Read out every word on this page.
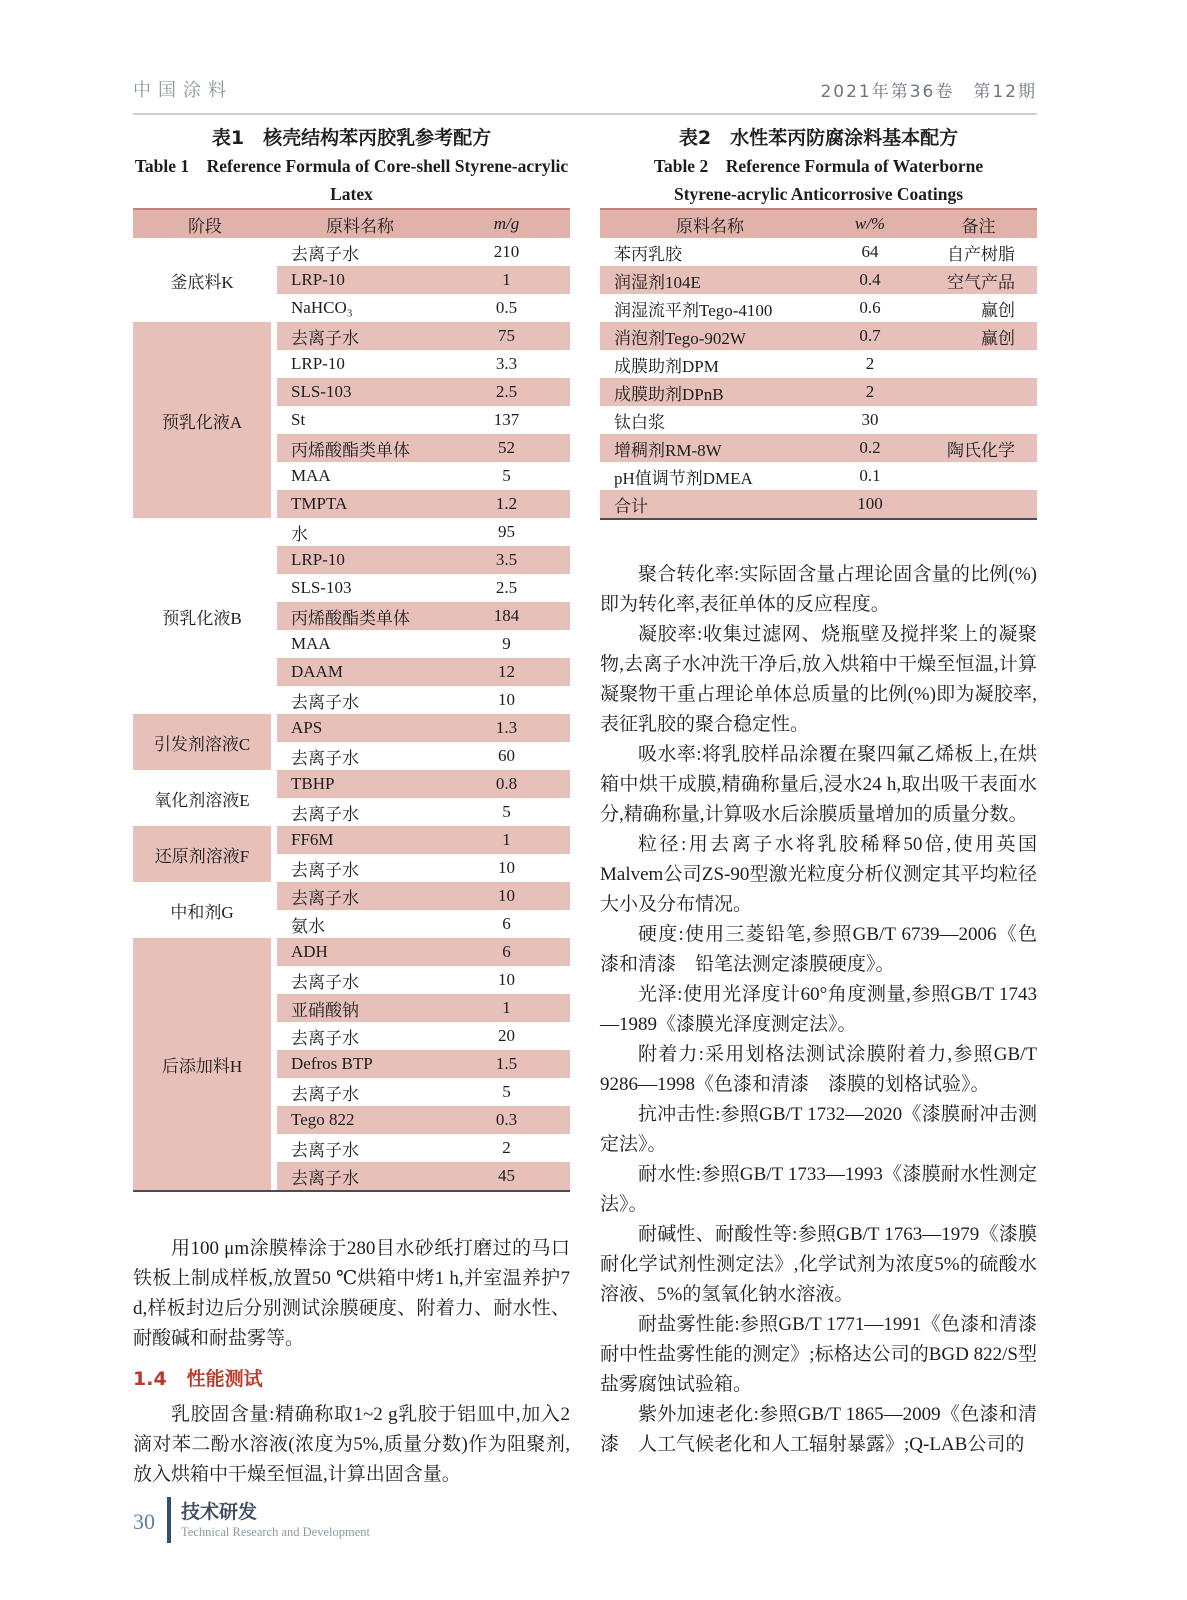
中国涂料	2021年第36卷　第12期
表1　核壳结构苯丙胶乳参考配方
Table 1　Reference Formula of Core-shell Styrene-acrylic
Latex
阶段	原料名称	m/g
釜底料K
去离子水	210
LRP-10	1
NaHCO₃	0.5
预乳化液A
去离子水	75
LRP-10	3.3
SLS-103	2.5
St	137
丙烯酸酯类单体	52
MAA	5
TMPTA	1.2
预乳化液B
水	95
LRP-10	3.5
SLS-103	2.5
丙烯酸酯类单体	184
MAA	9
DAAM	12
去离子水	10
引发剂溶液C
APS	1.3
去离子水	60
氧化剂溶液E
TBHP	0.8
去离子水	5
还原剂溶液F
FF6M	1
去离子水	10
中和剂G
去离子水	10
氨水	6
后添加料H
ADH	6
去离子水	10
亚硝酸钠	1
去离子水	20
Defros BTP	1.5
去离子水	5
Tego 822	0.3
去离子水	2
去离子水	45

用100 μm涂膜棒涂于280目水砂纸打磨过的马口铁板上制成样板,放置50 ℃烘箱中烤1 h,并室温养护7 d,样板封边后分别测试涂膜硬度、附着力、耐水性、耐酸碱和耐盐雾等。

1.4 性能测试

乳胶固含量:精确称取1~2 g乳胶于铝皿中,加入2滴对苯二酚水溶液(浓度为5%,质量分数)作为阻聚剂,放入烘箱中干燥至恒温,计算出固含量。

表2　水性苯丙防腐涂料基本配方
Table 2　Reference Formula of Waterborne
Styrene-acrylic Anticorrosive Coatings
原料名称	w/%	备注
苯丙乳胶	64	自产树脂
润湿剂104E	0.4	空气产品
润湿流平剂Tego-4100	0.6	赢创
消泡剂Tego-902W	0.7	赢创
成膜助剂DPM	2
成膜助剂DPnB	2
钛白浆	30
增稠剂RM-8W	0.2	陶氏化学
pH值调节剂DMEA	0.1
合计	100

聚合转化率:实际固含量占理论固含量的比例(%)即为转化率,表征单体的反应程度。

凝胶率:收集过滤网、烧瓶壁及搅拌桨上的凝聚物,去离子水冲洗干净后,放入烘箱中干燥至恒温,计算凝聚物干重占理论单体总质量的比例(%)即为凝胶率,表征乳胶的聚合稳定性。

吸水率:将乳胶样品涂覆在聚四氟乙烯板上,在烘箱中烘干成膜,精确称量后,浸水24 h,取出吸干表面水分,精确称量,计算吸水后涂膜质量增加的质量分数。

粒径:用去离子水将乳胶稀释50倍,使用英国Malvem公司ZS-90型激光粒度分析仪测定其平均粒径大小及分布情况。

硬度:使用三菱铅笔,参照GB/T 6739—2006《色漆和清漆　铅笔法测定漆膜硬度》。

光泽:使用光泽度计60°角度测量,参照GB/T 1743—1989《漆膜光泽度测定法》。

附着力:采用划格法测试涂膜附着力,参照GB/T 9286—1998《色漆和清漆　漆膜的划格试验》。

抗冲击性:参照GB/T 1732—2020《漆膜耐冲击测定法》。

耐水性:参照GB/T 1733—1993《漆膜耐水性测定法》。

耐碱性、耐酸性等:参照GB/T 1763—1979《漆膜耐化学试剂性测定法》,化学试剂为浓度5%的硫酸水溶液、5%的氢氧化钠水溶液。

耐盐雾性能:参照GB/T 1771—1991《色漆和清漆　耐中性盐雾性能的测定》;标格达公司的BGD 822/S型盐雾腐蚀试验箱。

紫外加速老化:参照GB/T 1865—2009《色漆和清漆　人工气候老化和人工辐射暴露》;Q-LAB公司的

30 技术研发
Technical Research and Development
